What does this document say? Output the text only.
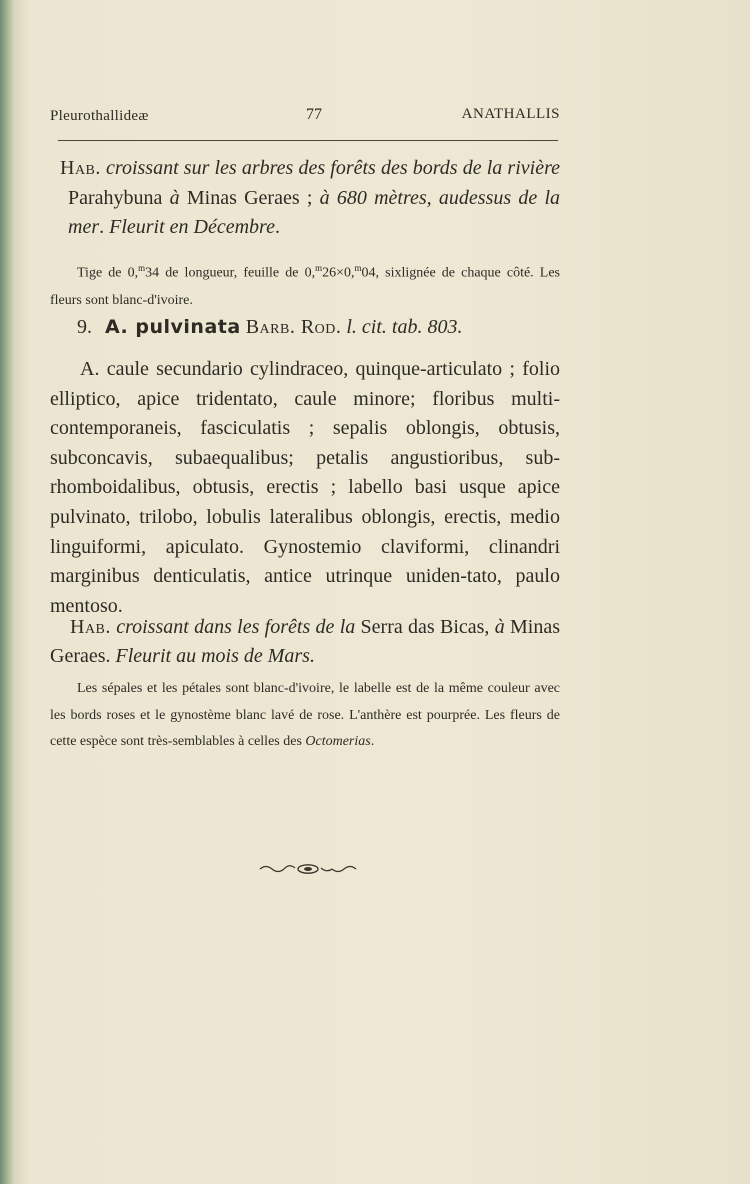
Pleurothallideæ	77	ANATHALLIS

Hab. croissant sur les arbres des forêts des bords de la rivière Parahybuna à Minas Geraes ; à 680 mètres, audessus de la mer. Fleurit en Décembre.

Tige de 0,$^m$34 de longueur, feuille de 0,$^m$26×0,$^m$04, sixlignée de chaque côté. Les fleurs sont blanc-d'ivoire.

9. A. pulvinata Barb. Rod. l. cit. tab. 803.

A. caule secundario cylindraceo, quinque-articulato ; folio elliptico, apice tridentato, caule minore; floribus multi-contemporaneis, fasciculatis ; sepalis oblongis, obtusis, subconcavis, subaequalibus; petalis angustioribus, sub-rhomboidalibus, obtusis, erectis ; labello basi usque apice pulvinato, trilobo, lobulis lateralibus oblongis, erectis, medio linguiformi, apiculato. Gynostemio claviformi, clinandri marginibus denticulatis, antice utrinque uniden-tato, paulo mentoso.

Hab. croissant dans les forêts de la Serra das Bicas, à Minas Geraes. Fleurit au mois de Mars.

Les sépales et les pétales sont blanc-d'ivoire, le labelle est de la même couleur avec les bords roses et le gynostème blanc lavé de rose. L'anthère est pourprée. Les fleurs de cette espèce sont très-semblables à celles des Octomerias.
